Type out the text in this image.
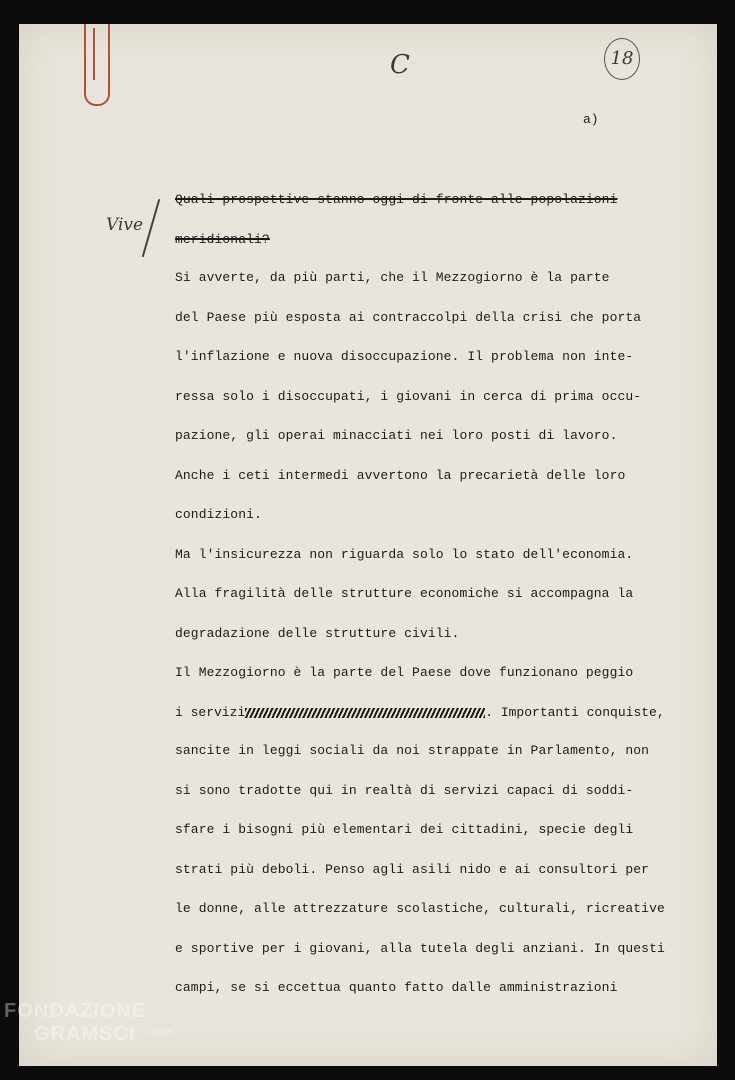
C	18
a)
Vive
Quali prospettive stanno oggi di fronte alle popolazioni
meridionali?
Si avverte, da più parti, che il Mezzogiorno è la parte
del Paese più esposta ai contraccolpi della crisi che porta
l'inflazione e nuova disoccupazione. Il problema non inte-
ressa solo i disoccupati, i giovani in cerca di prima occu-
pazione, gli operai minacciati nei loro posti di lavoro.
Anche i ceti intermedi avvertono la precarietà delle loro
condizioni.
Ma l'insicurezza non riguarda solo lo stato dell'economia.
Alla fragilità delle strutture economiche si accompagna la
degradazione delle strutture civili.
Il Mezzogiorno è la parte del Paese dove funzionano peggio
i servizi	. Importanti conquiste,
sancite in leggi sociali da noi strappate in Parlamento, non
si sono tradotte qui in realtà di servizi capaci di soddi-
sfare i bisogni più elementari dei cittadini, specie degli
strati più deboli. Penso agli asili nido e ai consultori per
le donne, alle attrezzature scolastiche, culturali, ricreative
e sportive per i giovani, alla tutela degli anziani. In questi
campi, se si eccettua quanto fatto dalle amministrazioni
FONDAZIONE
GRAMSCI	onlus
